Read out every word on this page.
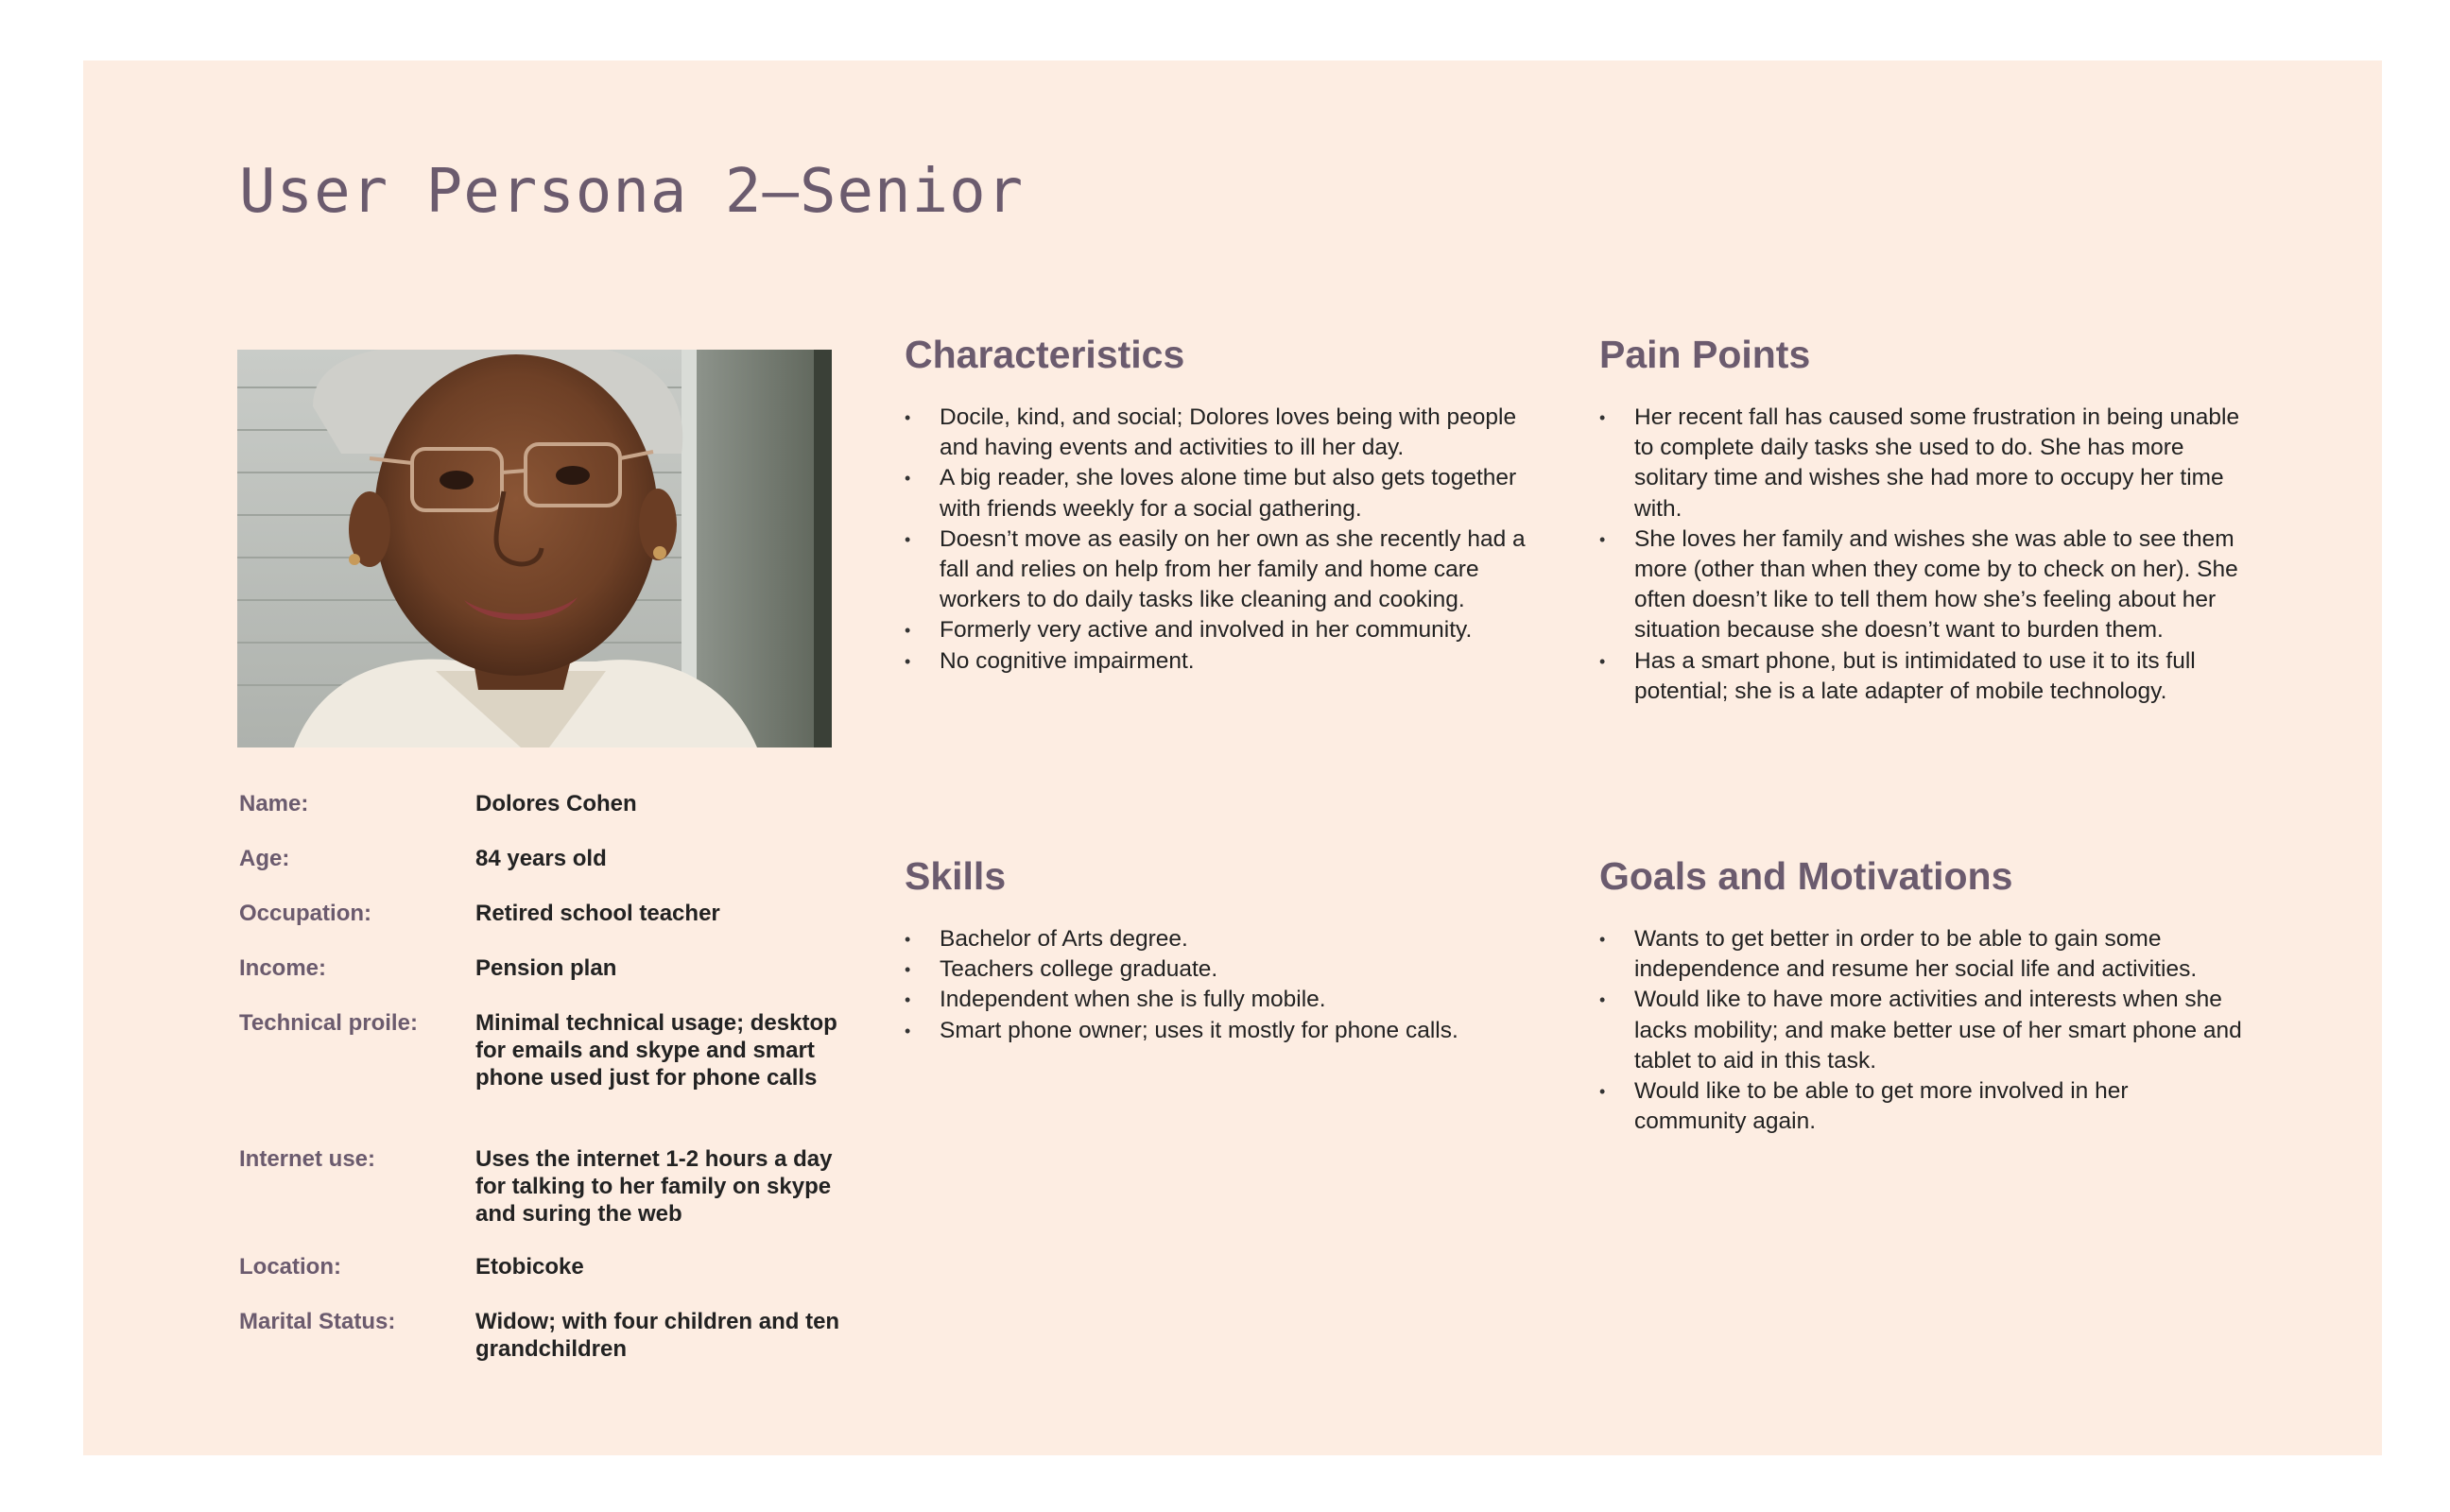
User Persona 2—Senior
Name:	Dolores Cohen
Age:	84 years old
Occupation:	Retired school teacher
Income:	Pension plan
Technical proile:	Minimal technical usage; desktop for emails and skype and smart phone used just for phone calls
Internet use:	Uses the internet 1-2 hours a day for talking to her family on skype and suring the web
Location:	Etobicoke
Marital Status:	Widow; with four children and ten grandchildren
Characteristics
• Docile, kind, and social; Dolores loves being with people and having events and activities to ill her day.
• A big reader, she loves alone time but also gets together with friends weekly for a social gathering.
• Doesn’t move as easily on her own as she recently had a fall and relies on help from her family and home care workers to do daily tasks like cleaning and cooking.
• Formerly very active and involved in her community.
• No cognitive impairment.
Pain Points
• Her recent fall has caused some frustration in being unable to complete daily tasks she used to do. She has more solitary time and wishes she had more to occupy her time with.
• She loves her family and wishes she was able to see them more (other than when they come by to check on her). She often doesn’t like to tell them how she’s feeling about her situation because she doesn’t want to burden them.
• Has a smart phone, but is intimidated to use it to its full potential; she is a late adapter of mobile technology.
Skills
• Bachelor of Arts degree.
• Teachers college graduate.
• Independent when she is fully mobile.
• Smart phone owner; uses it mostly for phone calls.
Goals and Motivations
• Wants to get better in order to be able to gain some independence and resume her social life and activities.
• Would like to have more activities and interests when she lacks mobility; and make better use of her smart phone and tablet to aid in this task.
• Would like to be able to get more involved in her community again.
